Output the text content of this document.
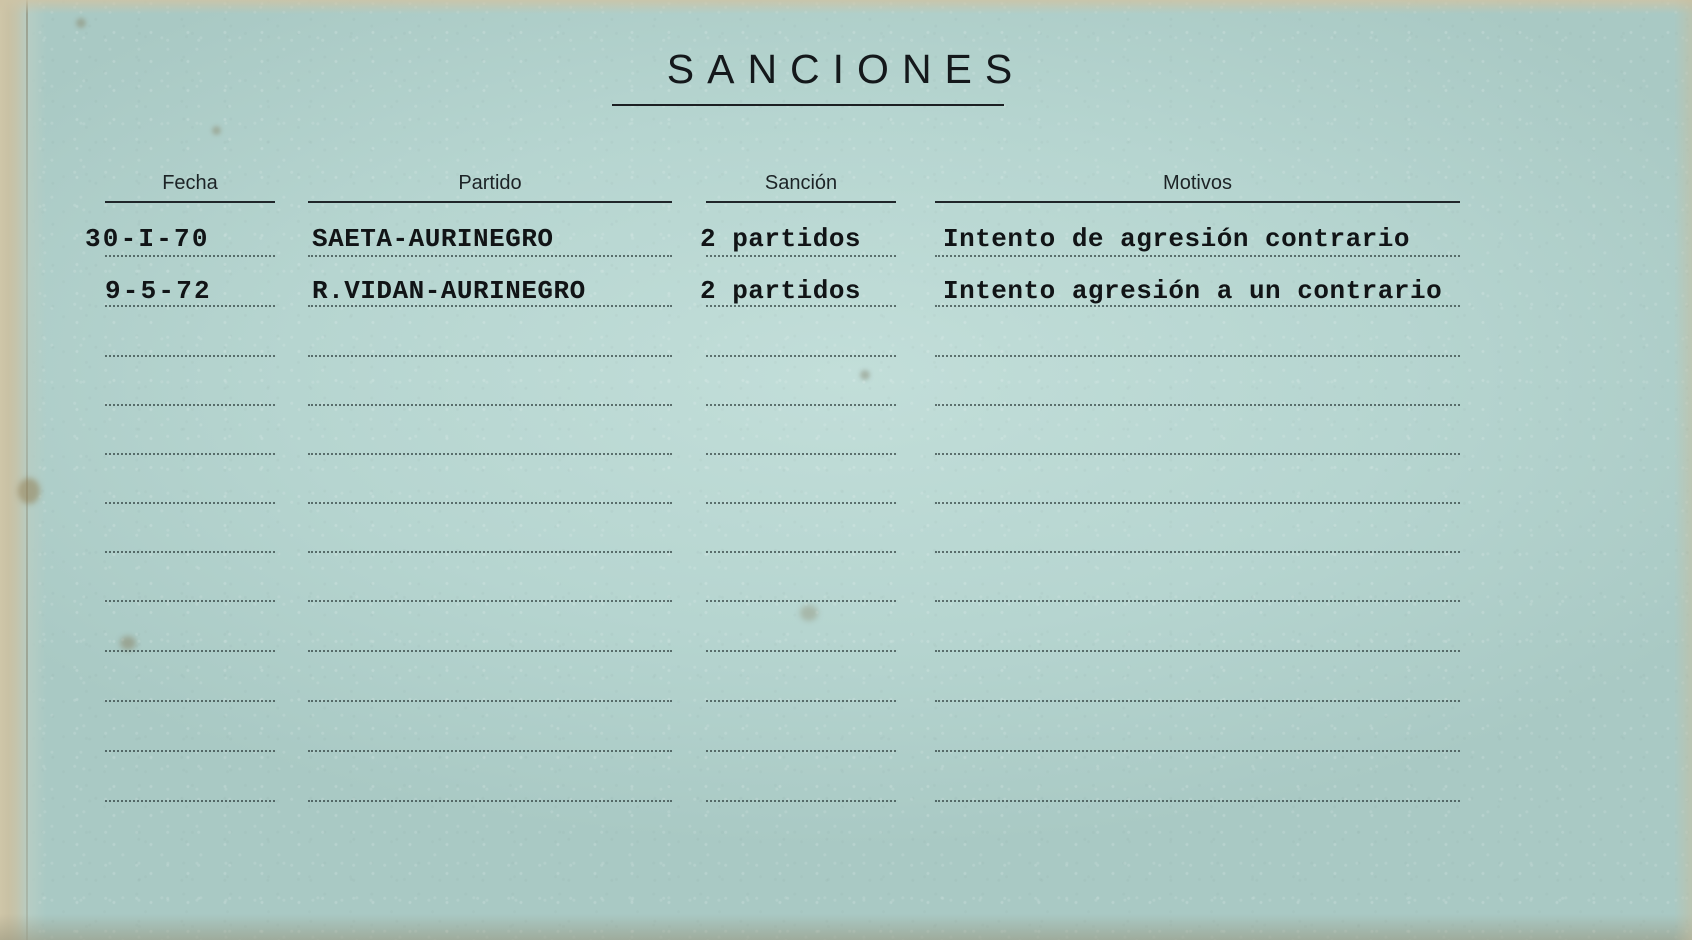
SANCIONES
Fecha	Partido	Sanción	Motivos
30-I-70	SAETA-AURINEGRO	2 partidos	Intento de agresión contrario
9-5-72	R.VIDAN-AURINEGRO	2 partidos	Intento agresión a un contrario
